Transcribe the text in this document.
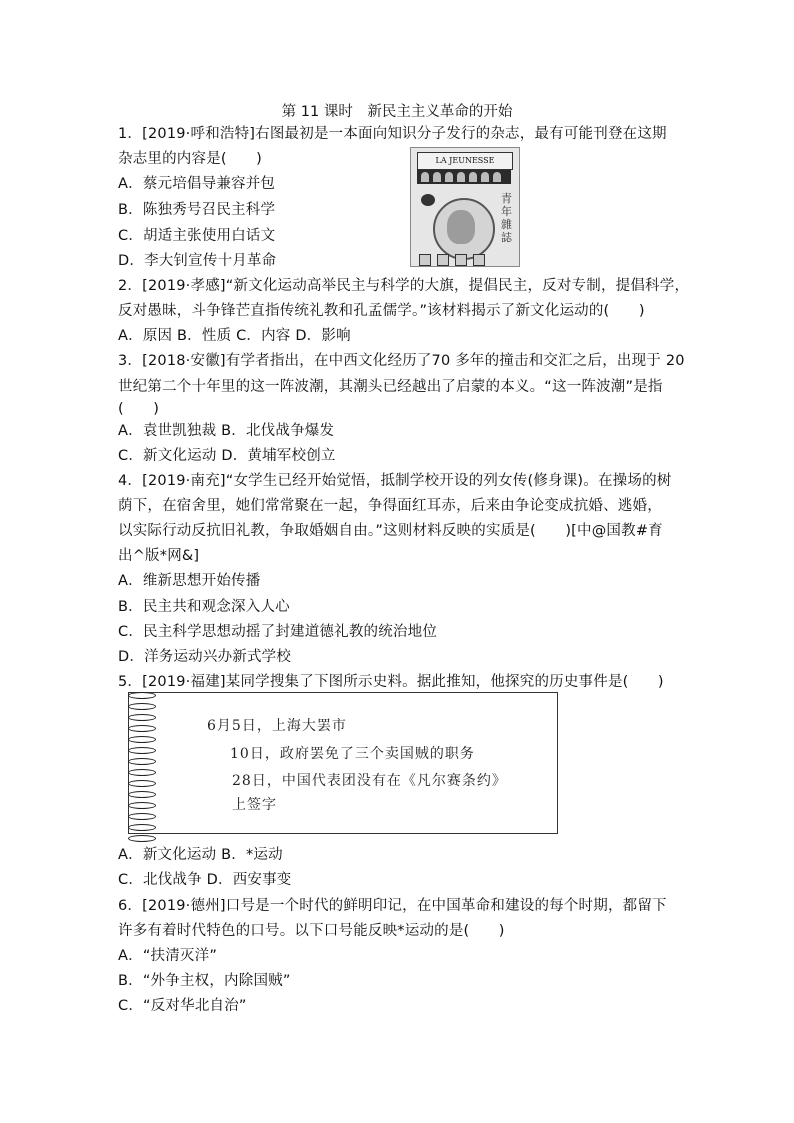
第 11 课时　新民主主义革命的开始
1．[2019·呼和浩特]右图最初是一本面向知识分子发行的杂志，最有可能刊登在这期
杂志里的内容是(　　)
A．蔡元培倡导兼容并包
B．陈独秀号召民主科学
C．胡适主张使用白话文
D．李大钊宣传十月革命
2．[2019·孝感]“新文化运动高举民主与科学的大旗，提倡民主，反对专制，提倡科学，
反对愚昧，斗争锋芒直指传统礼教和孔孟儒学。”该材料揭示了新文化运动的(　　)
A．原因 B．性质 C．内容 D．影响
3．[2018·安徽]有学者指出，在中西文化经历了70 多年的撞击和交汇之后，出现于 20
世纪第二个十年里的这一阵波潮，其潮头已经越出了启蒙的本义。“这一阵波潮”是指
(　　)
A．袁世凯独裁 B．北伐战争爆发
C．新文化运动 D．黄埔军校创立
4．[2019·南充]“女学生已经开始觉悟，抵制学校开设的列女传(修身课)。在操场的树
荫下，在宿舍里，她们常常聚在一起，争得面红耳赤，后来由争论变成抗婚、逃婚，
以实际行动反抗旧礼教，争取婚姻自由。”这则材料反映的实质是(　　)[中@国教#育
出^版*网&]
A．维新思想开始传播
B．民主共和观念深入人心
C．民主科学思想动摇了封建道德礼教的统治地位
D．洋务运动兴办新式学校
5．[2019·福建]某同学搜集了下图所示史料。据此推知，他探究的历史事件是(　　)
LA JEUNESSE
青年雜誌
6月5日，上海大罢市
10日，政府罢免了三个卖国贼的职务
28日，中国代表团没有在《凡尔赛条约》
上签字
A．新文化运动 B．*运动
C．北伐战争 D．西安事变
6．[2019·德州]口号是一个时代的鲜明印记，在中国革命和建设的每个时期，都留下
许多有着时代特色的口号。以下口号能反映*运动的是(　　)
A．“扶清灭洋”
B．“外争主权，内除国贼”
C．“反对华北自治”
